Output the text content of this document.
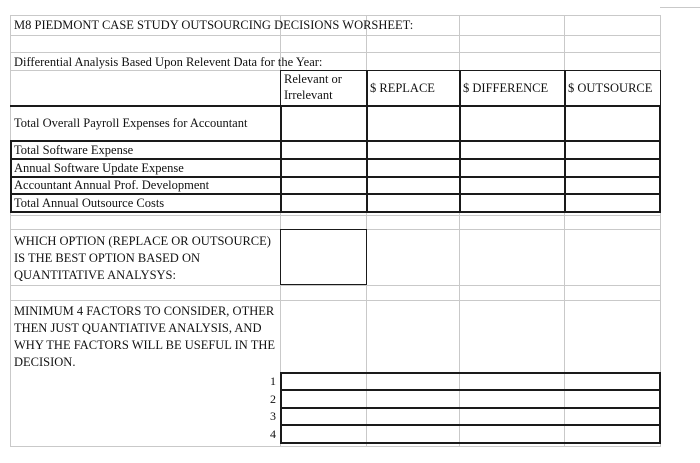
M8 PIEDMONT CASE STUDY OUTSOURCING DECISIONS WORSHEET:
Differential Analysis Based Upon Relevent Data for the Year:
Relevant or Irrelevant	$ REPLACE $ DIFFERENCE $ OUTSOURCE
Total Overall Payroll Expenses for Accountant
Total Software Expense
Annual Software Update Expense
Accountant Annual Prof. Development
Total Annual Outsource Costs
WHICH OPTION (REPLACE OR OUTSOURCE) IS THE BEST OPTION BASED ON QUANTITATIVE ANALYSYS:
MINIMUM 4 FACTORS TO CONSIDER, OTHER THEN JUST QUANTIATIVE ANALYSIS, AND WHY THE FACTORS WILL BE USEFUL IN THE DECISION.
1
2
3
4
